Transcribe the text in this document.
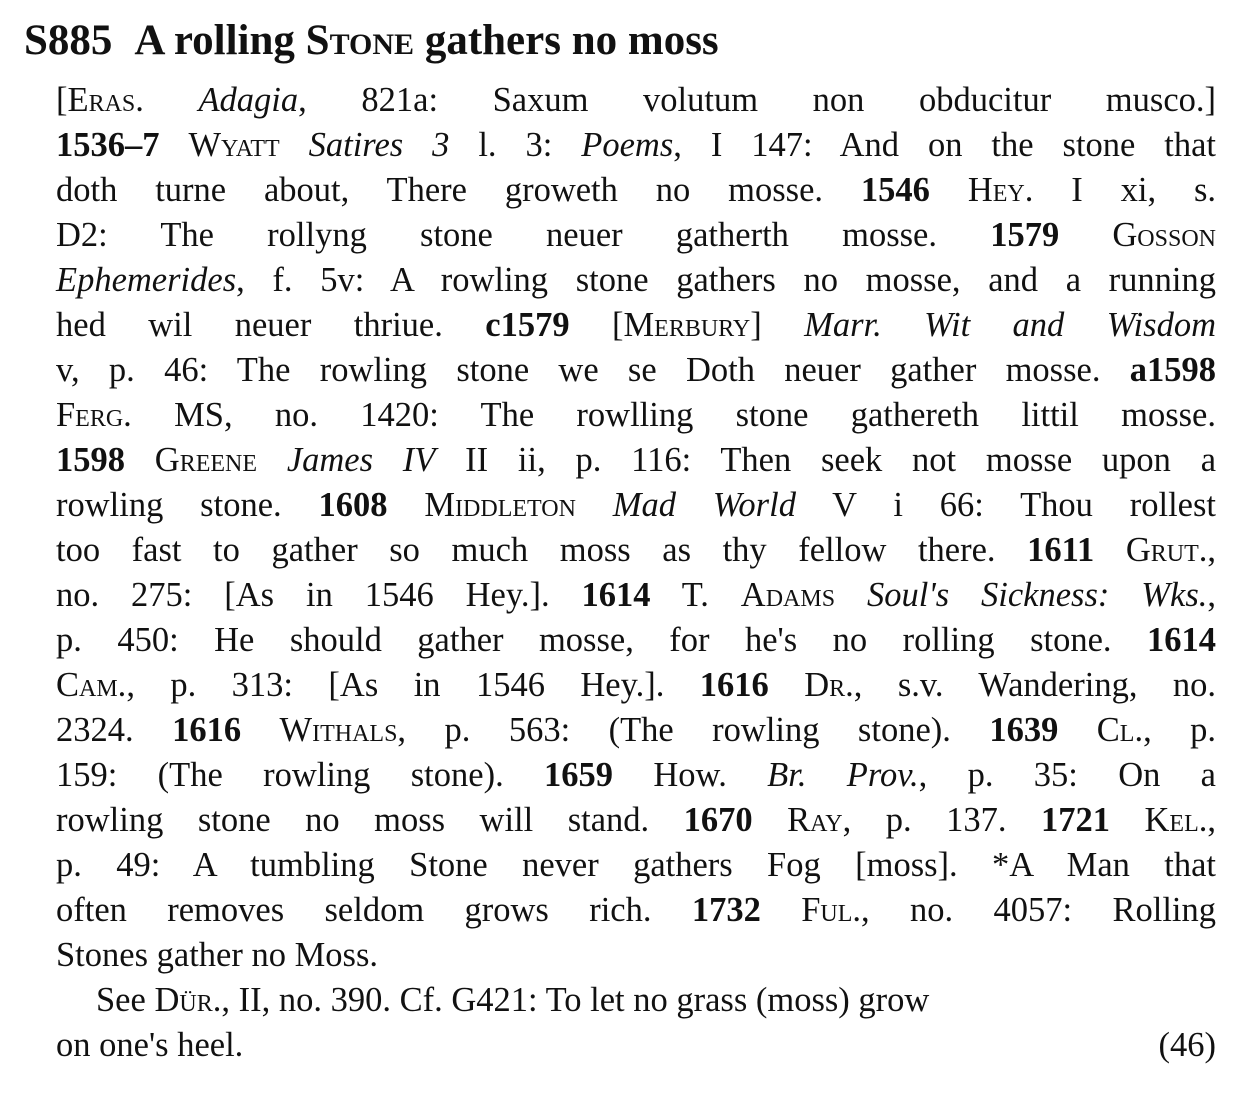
S885 A rolling Stone gathers no moss
[Eras. Adagia, 821a: Saxum volutum non obducitur musco.]
1536–7 Wyatt Satires 3 l. 3: Poems, I 147: And on the stone that
doth turne about, There groweth no mosse. 1546 Hey. I xi, s.
D2: The rollyng stone neuer gatherth mosse. 1579 Gosson
Ephemerides, f. 5v: A rowling stone gathers no mosse, and a running
hed wil neuer thriue. c1579 [Merbury] Marr. Wit and Wisdom
v, p. 46: The rowling stone we se Doth neuer gather mosse. a1598
Ferg. MS, no. 1420: The rowlling stone gathereth littil mosse.
1598 Greene James IV II ii, p. 116: Then seek not mosse upon a
rowling stone. 1608 Middleton Mad World V i 66: Thou rollest
too fast to gather so much moss as thy fellow there. 1611 Grut.,
no. 275: [As in 1546 Hey.]. 1614 T. Adams Soul's Sickness: Wks.,
p. 450: He should gather mosse, for he's no rolling stone. 1614
Cam., p. 313: [As in 1546 Hey.]. 1616 Dr., s.v. Wandering, no.
2324. 1616 Withals, p. 563: (The rowling stone). 1639 Cl., p.
159: (The rowling stone). 1659 How. Br. Prov., p. 35: On a
rowling stone no moss will stand. 1670 Ray, p. 137. 1721 Kel.,
p. 49: A tumbling Stone never gathers Fog [moss]. *A Man that
often removes seldom grows rich. 1732 Ful., no. 4057: Rolling
Stones gather no Moss.
See Dür., II, no. 390. Cf. G421: To let no grass (moss) grow
on one's heel.	(46)
